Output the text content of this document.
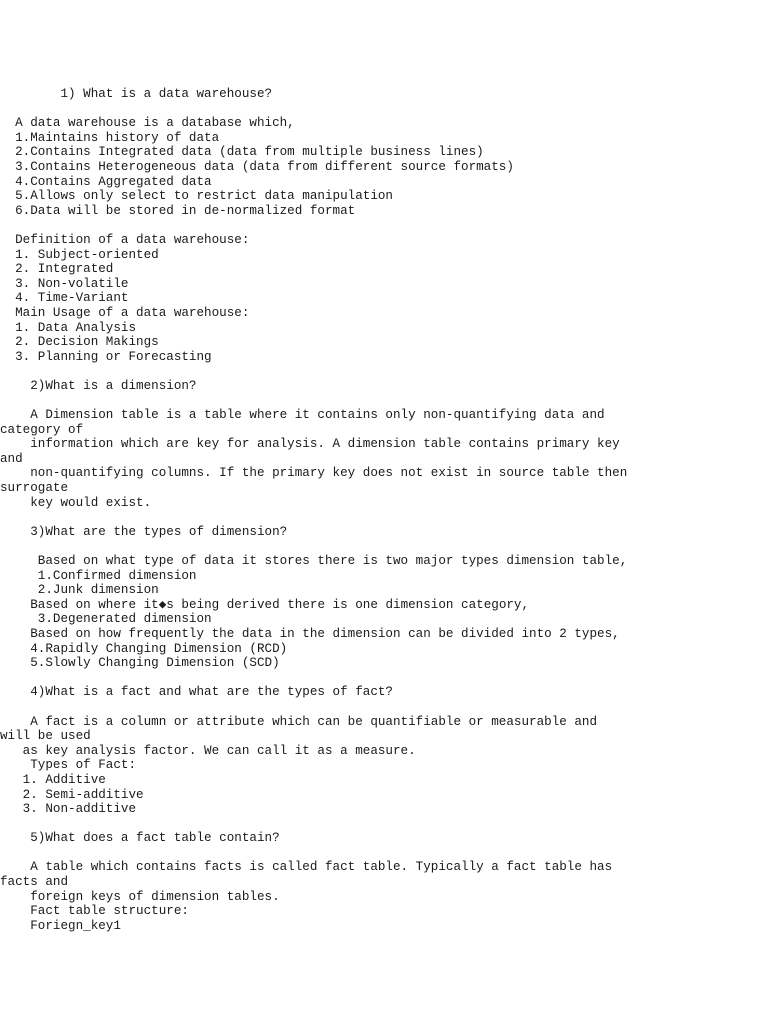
1) What is a data warehouse?
A data warehouse is a database which,
1.Maintains history of data
2.Contains Integrated data (data from multiple business lines)
3.Contains Heterogeneous data (data from different source formats)
4.Contains Aggregated data
5.Allows only select to restrict data manipulation
6.Data will be stored in de-normalized format
Definition of a data warehouse:
1. Subject-oriented
2. Integrated
3. Non-volatile
4. Time-Variant
Main Usage of a data warehouse:
1. Data Analysis
2. Decision Makings
3. Planning or Forecasting
2)What is a dimension?
A Dimension table is a table where it contains only non-quantifying data and
category of
information which are key for analysis. A dimension table contains primary key
and
non-quantifying columns. If the primary key does not exist in source table then
surrogate
key would exist.
3)What are the types of dimension?
Based on what type of data it stores there is two major types dimension table,
1.Confirmed dimension
2.Junk dimension
Based on where it◆s being derived there is one dimension category,
3.Degenerated dimension
Based on how frequently the data in the dimension can be divided into 2 types,
4.Rapidly Changing Dimension (RCD)
5.Slowly Changing Dimension (SCD)
4)What is a fact and what are the types of fact?
A fact is a column or attribute which can be quantifiable or measurable and
will be used
as key analysis factor. We can call it as a measure.
Types of Fact:
1. Additive
2. Semi-additive
3. Non-additive
5)What does a fact table contain?
A table which contains facts is called fact table. Typically a fact table has
facts and
foreign keys of dimension tables.
Fact table structure:
Foriegn_key1
